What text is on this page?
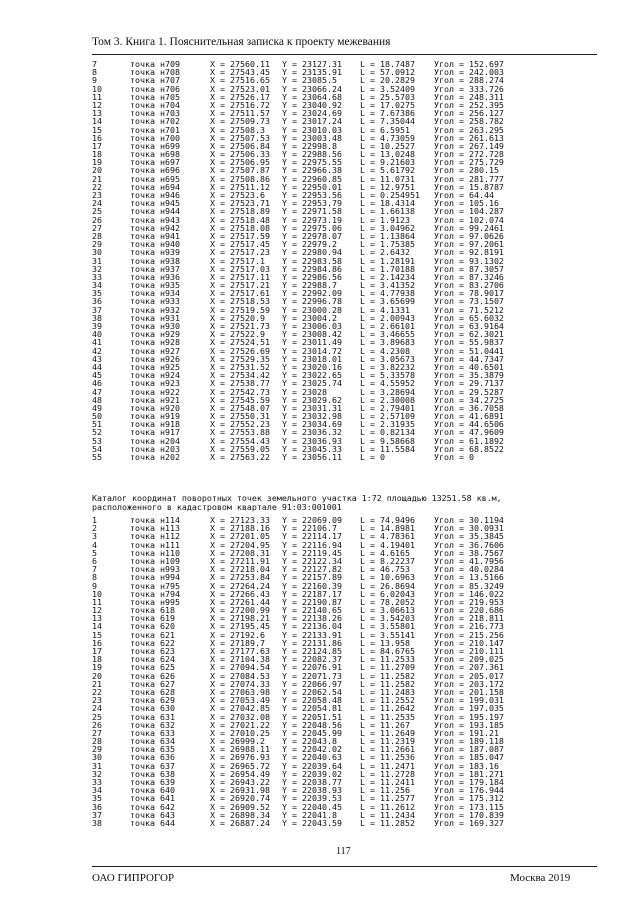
Том 3. Книга 1. Пояснительная записка к проекту межевания
7	точка н709	X = 27560.11 Y = 23127.31 L = 18.7487 Угол = 152.697
8	точка н708	X = 27543.45 Y = 23135.91 L = 57.0912 Угол = 242.003
9	точка н707	X = 27516.65 Y = 23085.5	L = 20.2829 Угол = 288.274
10	точка н706	X = 27523.01 Y = 23066.24 L = 3.52409 Угол = 333.726
11	точка н705	X = 27526.17 Y = 23064.68 L = 25.5703 Угол = 248.311
12	точка н704	X = 27516.72 Y = 23040.92 L = 17.0275 Угол = 252.395
13	точка н703	X = 27511.57 Y = 23024.69 L = 7.67386 Угол = 256.127
14	точка н702	X = 27509.73 Y = 23017.24 L = 7.35044 Угол = 258.782
15	точка н701	X = 27508.3 Y = 23010.03 L = 6.5951	Угол = 263.295
16	точка н700	X = 27507.53 Y = 23003.48 L = 4.73059 Угол = 261.613
17	точка н699	X = 27506.84 Y = 22998.8	L = 10.2527 Угол = 267.149
18	точка н698	X = 27506.33 Y = 22988.56 L = 13.0248 Угол = 272.728
19	точка н697	X = 27506.95 Y = 22975.55 L = 9.21603 Угол = 275.729
20	точка н696	X = 27507.87 Y = 22966.38 L = 5.61792 Угол = 280.15
21	точка н695	X = 27508.86 Y = 22960.85 L = 11.0731 Угол = 281.777
22	точка н694	X = 27511.12 Y = 22950.01 L = 12.9751 Угол = 15.8787
23	точка н946	X = 27523.6 Y = 22953.56 L = 0.254951 Угол = 64.44
24	точка н945	X = 27523.71 Y = 22953.79 L = 18.4314 Угол = 105.16
25	точка н944	X = 27518.89 Y = 22971.58 L = 1.66138 Угол = 104.287
26	точка н943	X = 27518.48 Y = 22973.19 L = 1.9123	Угол = 102.074
27	точка н942	X = 27518.08 Y = 22975.06 L = 3.04962 Угол = 99.2461
28	точка н941	X = 27517.59 Y = 22978.07 L = 1.13864 Угол = 97.0626
29	точка н940	X = 27517.45 Y = 22979.2	L = 1.75385 Угол = 97.2061
30	точка н939	X = 27517.23 Y = 22980.94 L = 2.6432	Угол = 92.8191
31	точка н938	X = 27517.1 Y = 22983.58 L = 1.28191 Угол = 93.1302
32	точка н937	X = 27517.03 Y = 22984.86 L = 1.70188 Угол = 87.3057
33	точка н936	X = 27517.11 Y = 22986.56 L = 2.14234 Угол = 87.3246
34	точка н935	X = 27517.21 Y = 22988.7	L = 3.41352 Угол = 83.2706
35	точка н934	X = 27517.61 Y = 22992.09 L = 4.77938 Угол = 78.9017
36	точка н933	X = 27518.53 Y = 22996.78 L = 3.65699 Угол = 73.1507
37	точка н932	X = 27519.59 Y = 23000.28 L = 4.1331	Угол = 71.5212
38	точка н931	X = 27520.9 Y = 23004.2	L = 2.00943 Угол = 65.6032
39	точка н930	X = 27521.73 Y = 23006.03 L = 2.66101 Угол = 63.9164
40	точка н929	X = 27522.9 Y = 23008.42 L = 3.46655 Угол = 62.3021
41	точка н928	X = 27524.51 Y = 23011.49 L = 3.89683 Угол = 55.9837
42	точка н927	X = 27526.69 Y = 23014.72 L = 4.2308	Угол = 51.0441
43	точка н926	X = 27529.35 Y = 23018.01 L = 3.05673 Угол = 44.7347
44	точка н925	X = 27531.52 Y = 23020.16 L = 3.82232 Угол = 40.6501
45	точка н924	X = 27534.42 Y = 23022.65 L = 5.33578 Угол = 35.3879
46	точка н923	X = 27538.77 Y = 23025.74 L = 4.55952 Угол = 29.7137
47	точка н922	X = 27542.73 Y = 23028	L = 3.28694 Угол = 29.5287
48	точка н921	X = 27545.59 Y = 23029.62 L = 2.30008 Угол = 34.2725
49	точка н920	X = 27548.07 Y = 23031.31 L = 2.79401 Угол = 36.7058
50	точка н919	X = 27550.31 Y = 23032.98 L = 2.57109 Угол = 41.6891
51	точка н918	X = 27552.23 Y = 23034.69 L = 2.31935 Угол = 44.6506
52	точка н917	X = 27553.88 Y = 23036.32 L = 0.82134 Угол = 47.9609
53	точка н204	X = 27554.43 Y = 23036.93 L = 9.58668 Угол = 61.1892
54	точка н203	X = 27559.05 Y = 23045.33 L = 11.5584 Угол = 68.8522
55	точка н202	X = 27563.22 Y = 23056.11 L = 0	Угол = 0
Каталог координат поворотных точек земельного участка 1:72 площадью 13251.58 кв.м,
расположенного в кадастровом квартале 91:03:001001
1	точка н114	X = 27123.33 Y = 22069.09 L = 74.9496 Угол = 30.1194
2	точка н113	X = 27188.16 Y = 22106.7	L = 14.8981 Угол = 30.0931
3	точка н112	X = 27201.05 Y = 22114.17 L = 4.78361 Угол = 35.3845
4	точка н111	X = 27204.95 Y = 22116.94 L = 4.19401 Угол = 36.7606
5	точка н110	X = 27208.31 Y = 22119.45 L = 4.6165	Угол = 38.7567
6	точка н109	X = 27211.91 Y = 22122.34 L = 8.22237 Угол = 41.7956
7	точка н993	X = 27218.04 Y = 22127.82 L = 46.753	Угол = 40.0284
8	точка н994	X = 27253.84 Y = 22157.89 L = 10.6963 Угол = 13.5166
9	точка н795	X = 27264.24 Y = 22160.39 L = 26.8694 Угол = 85.3249
10	точка н794	X = 27266.43 Y = 22187.17 L = 6.02043 Угол = 146.022
11	точка н995	X = 27261.44 Y = 22190.87 L = 78.2052 Угол = 219.953
12	точка 618	X = 27200.99 Y = 22140.65 L = 3.06613 Угол = 220.686
13	точка 619	X = 27198.21 Y = 22138.26 L = 3.54203 Угол = 218.811
14	точка 620	X = 27195.45 Y = 22136.04 L = 3.55801 Угол = 216.773
15	точка 621	X = 27192.6 Y = 22133.91 L = 3.55141 Угол = 215.256
16	точка 622	X = 27189.7 Y = 22131.86 L = 13.958	Угол = 210.147
17	точка 623	X = 27177.63 Y = 22124.85 L = 84.6765 Угол = 210.111
18	точка 624	X = 27104.38 Y = 22082.37 L = 11.2533 Угол = 209.025
19	точка 625	X = 27094.54 Y = 22076.91 L = 11.2709 Угол = 207.361
20	точка 626	X = 27084.53 Y = 22071.73 L = 11.2582 Угол = 205.017
21	точка 627	X = 27074.33 Y = 22066.97 L = 11.2582 Угол = 203.172
22	точка 628	X = 27063.98 Y = 22062.54 L = 11.2483 Угол = 201.158
23	точка 629	X = 27053.49 Y = 22058.48 L = 11.2552 Угол = 199.031
24	точка 630	X = 27042.85 Y = 22054.81 L = 11.2642 Угол = 197.035
25	точка 631	X = 27032.08 Y = 22051.51 L = 11.2535 Угол = 195.197
26	точка 632	X = 27021.22 Y = 22048.56 L = 11.267	Угол = 193.185
27	точка 633	X = 27010.25 Y = 22045.99 L = 11.2649 Угол = 191.21
28	точка 634	X = 26999.2 Y = 22043.8	L = 11.2319 Угол = 189.118
29	точка 635	X = 26988.11 Y = 22042.02 L = 11.2661 Угол = 187.087
30	точка 636	X = 26976.93 Y = 22040.63 L = 11.2536 Угол = 185.047
31	точка 637	X = 26965.72 Y = 22039.64 L = 11.2471 Угол = 183.16
32	точка 638	X = 26954.49 Y = 22039.02 L = 11.2728 Угол = 181.271
33	точка 639	X = 26943.22 Y = 22038.77 L = 11.2411 Угол = 179.184
34	точка 640	X = 26931.98 Y = 22038.93 L = 11.256	Угол = 176.944
35	точка 641	X = 26920.74 Y = 22039.53 L = 11.2577 Угол = 175.312
36	точка 642	X = 26909.52 Y = 22040.45 L = 11.2612 Угол = 173.115
37	точка 643	X = 26898.34 Y = 22041.8	L = 11.2434 Угол = 170.839
38	точка 644	X = 26887.24 Y = 22043.59 L = 11.2852 Угол = 169.327
117
ОАО ГИПРОГОР	Москва 2019
